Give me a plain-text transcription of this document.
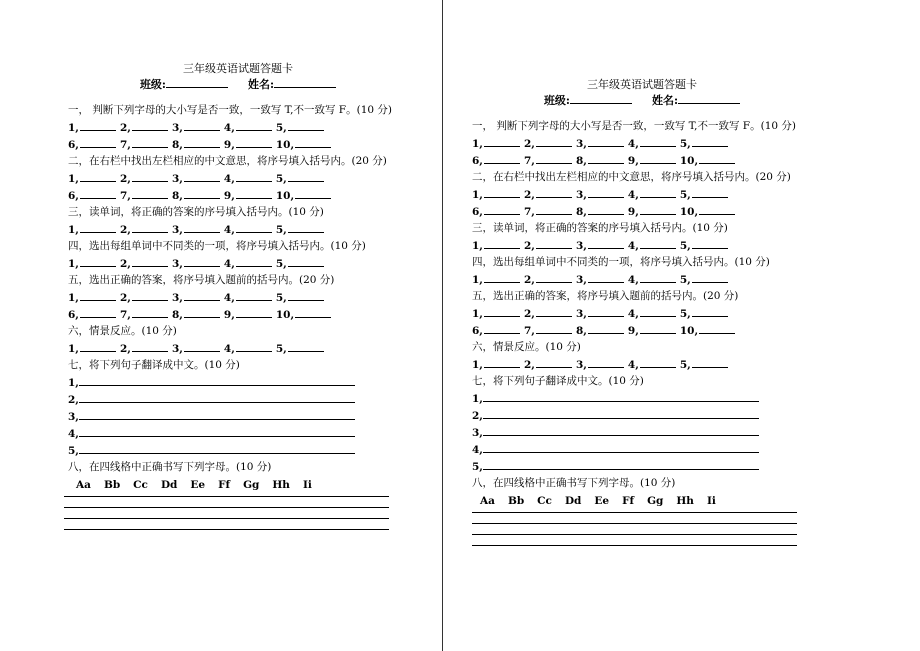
三年级英语试题答题卡
班级:	姓名:
一， 判断下列字母的大小写是否一致，一致写 T,不一致写 F。(10 分)
1,	2,	3,	4,	5,
6,	7,	8,	9,	10,
二，在右栏中找出左栏相应的中文意思，将序号填入括号内。(20 分)
1,	2,	3,	4,	5,
6,	7,	8,	9,	10,
三，读单词，将正确的答案的序号填入括号内。(10 分)
1,	2,	3,	4,	5,
四，选出每组单词中不同类的一项，将序号填入括号内。(10 分)
1,	2,	3,	4,	5,
五，选出正确的答案，将序号填入题前的括号内。(20 分)
1,	2,	3,	4,	5,
6,	7,	8,	9,	10,
六，情景反应。(10 分)
1,	2,	3,	4,	5,
七，将下列句子翻译成中文。(10 分)
1,
2,
3,
4,
5,
八，在四线格中正确书写下列字母。(10 分)
Aa Bb Cc Dd Ee Ff Gg Hh Ii
三年级英语试题答题卡
班级:	姓名:
一， 判断下列字母的大小写是否一致，一致写 T,不一致写 F。(10 分)
1,	2,	3,	4,	5,
6,	7,	8,	9,	10,
二，在右栏中找出左栏相应的中文意思，将序号填入括号内。(20 分)
1,	2,	3,	4,	5,
6,	7,	8,	9,	10,
三，读单词，将正确的答案的序号填入括号内。(10 分)
1,	2,	3,	4,	5,
四，选出每组单词中不同类的一项，将序号填入括号内。(10 分)
1,	2,	3,	4,	5,
五，选出正确的答案，将序号填入题前的括号内。(20 分)
1,	2,	3,	4,	5,
6,	7,	8,	9,	10,
六，情景反应。(10 分)
1,	2,	3,	4,	5,
七，将下列句子翻译成中文。(10 分)
1,
2,
3,
4,
5,
八，在四线格中正确书写下列字母。(10 分)
Aa Bb Cc Dd Ee Ff Gg Hh Ii
